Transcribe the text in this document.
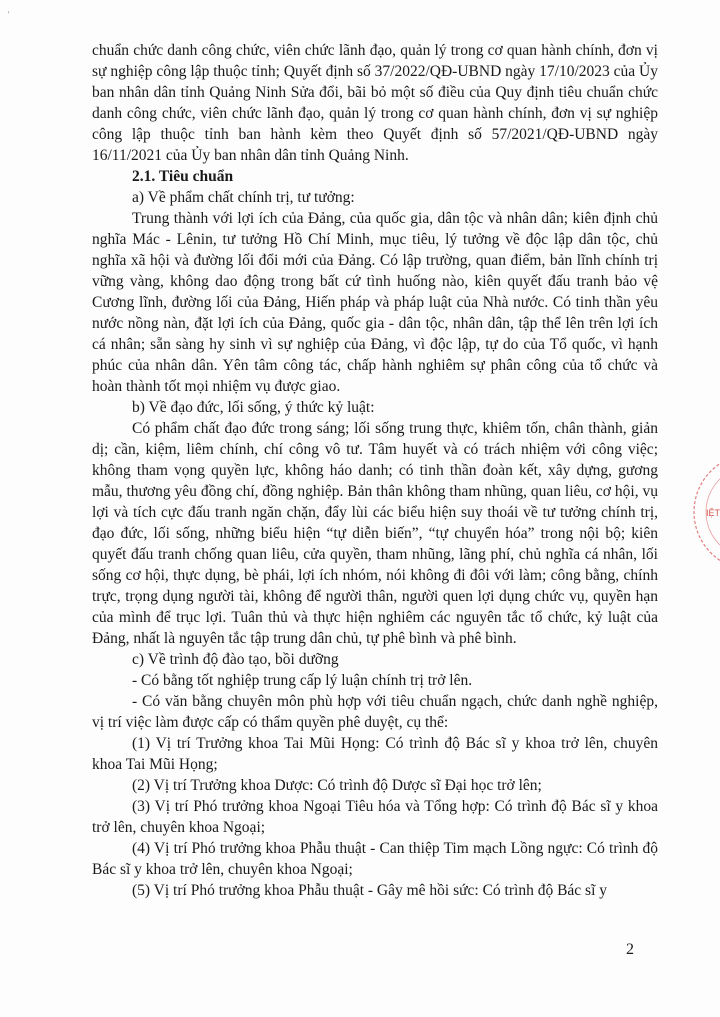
'

chuẩn chức danh công chức, viên chức lãnh đạo, quản lý trong cơ quan hành chính, đơn vị sự nghiệp công lập thuộc tỉnh; Quyết định số 37/2022/QĐ-UBND ngày 17/10/2023 của Ủy ban nhân dân tỉnh Quảng Ninh Sửa đổi, bãi bỏ một số điều của Quy định tiêu chuẩn chức danh công chức, viên chức lãnh đạo, quản lý trong cơ quan hành chính, đơn vị sự nghiệp công lập thuộc tỉnh ban hành kèm theo Quyết định số 57/2021/QĐ-UBND ngày 16/11/2021 của Ủy ban nhân dân tỉnh Quảng Ninh.

2.1. Tiêu chuẩn

a) Về phẩm chất chính trị, tư tưởng:

Trung thành với lợi ích của Đảng, của quốc gia, dân tộc và nhân dân; kiên định chủ nghĩa Mác - Lênin, tư tưởng Hồ Chí Minh, mục tiêu, lý tưởng về độc lập dân tộc, chủ nghĩa xã hội và đường lối đổi mới của Đảng. Có lập trường, quan điểm, bản lĩnh chính trị vững vàng, không dao động trong bất cứ tình huống nào, kiên quyết đấu tranh bảo vệ Cương lĩnh, đường lối của Đảng, Hiến pháp và pháp luật của Nhà nước. Có tinh thần yêu nước nồng nàn, đặt lợi ích của Đảng, quốc gia - dân tộc, nhân dân, tập thể lên trên lợi ích cá nhân; sẵn sàng hy sinh vì sự nghiệp của Đảng, vì độc lập, tự do của Tổ quốc, vì hạnh phúc của nhân dân. Yên tâm công tác, chấp hành nghiêm sự phân công của tổ chức và hoàn thành tốt mọi nhiệm vụ được giao.

b) Về đạo đức, lối sống, ý thức kỷ luật:

Có phẩm chất đạo đức trong sáng; lối sống trung thực, khiêm tốn, chân thành, giản dị; cần, kiệm, liêm chính, chí công vô tư. Tâm huyết và có trách nhiệm với công việc; không tham vọng quyền lực, không háo danh; có tinh thần đoàn kết, xây dựng, gương mẫu, thương yêu đồng chí, đồng nghiệp. Bản thân không tham nhũng, quan liêu, cơ hội, vụ lợi và tích cực đấu tranh ngăn chặn, đẩy lùi các biểu hiện suy thoái về tư tưởng chính trị, đạo đức, lối sống, những biểu hiện “tự diễn biến”, “tự chuyển hóa” trong nội bộ; kiên quyết đấu tranh chống quan liêu, cửa quyền, tham nhũng, lãng phí, chủ nghĩa cá nhân, lối sống cơ hội, thực dụng, bè phái, lợi ích nhóm, nói không đi đôi với làm; công bằng, chính trực, trọng dụng người tài, không để người thân, người quen lợi dụng chức vụ, quyền hạn của mình để trục lợi. Tuân thủ và thực hiện nghiêm các nguyên tắc tổ chức, kỷ luật của Đảng, nhất là nguyên tắc tập trung dân chủ, tự phê bình và phê bình.

c) Về trình độ đào tạo, bồi dưỡng

- Có bằng tốt nghiệp trung cấp lý luận chính trị trở lên.

- Có văn bằng chuyên môn phù hợp với tiêu chuẩn ngạch, chức danh nghề nghiệp, vị trí việc làm được cấp có thẩm quyền phê duyệt, cụ thể:

(1) Vị trí Trưởng khoa Tai Mũi Họng: Có trình độ Bác sĩ y khoa trở lên, chuyên khoa Tai Mũi Họng;

(2) Vị trí Trưởng khoa Dược: Có trình độ Dược sĩ Đại học trở lên;

(3) Vị trí Phó trưởng khoa Ngoại Tiêu hóa và Tổng hợp: Có trình độ Bác sĩ y khoa trở lên, chuyên khoa Ngoại;

(4) Vị trí Phó trưởng khoa Phẫu thuật - Can thiệp Tim mạch Lồng ngực: Có trình độ Bác sĩ y khoa trở lên, chuyên khoa Ngoại;

(5) Vị trí Phó trưởng khoa Phẫu thuật - Gây mê hồi sức: Có trình độ Bác sĩ y

IỆT
2
